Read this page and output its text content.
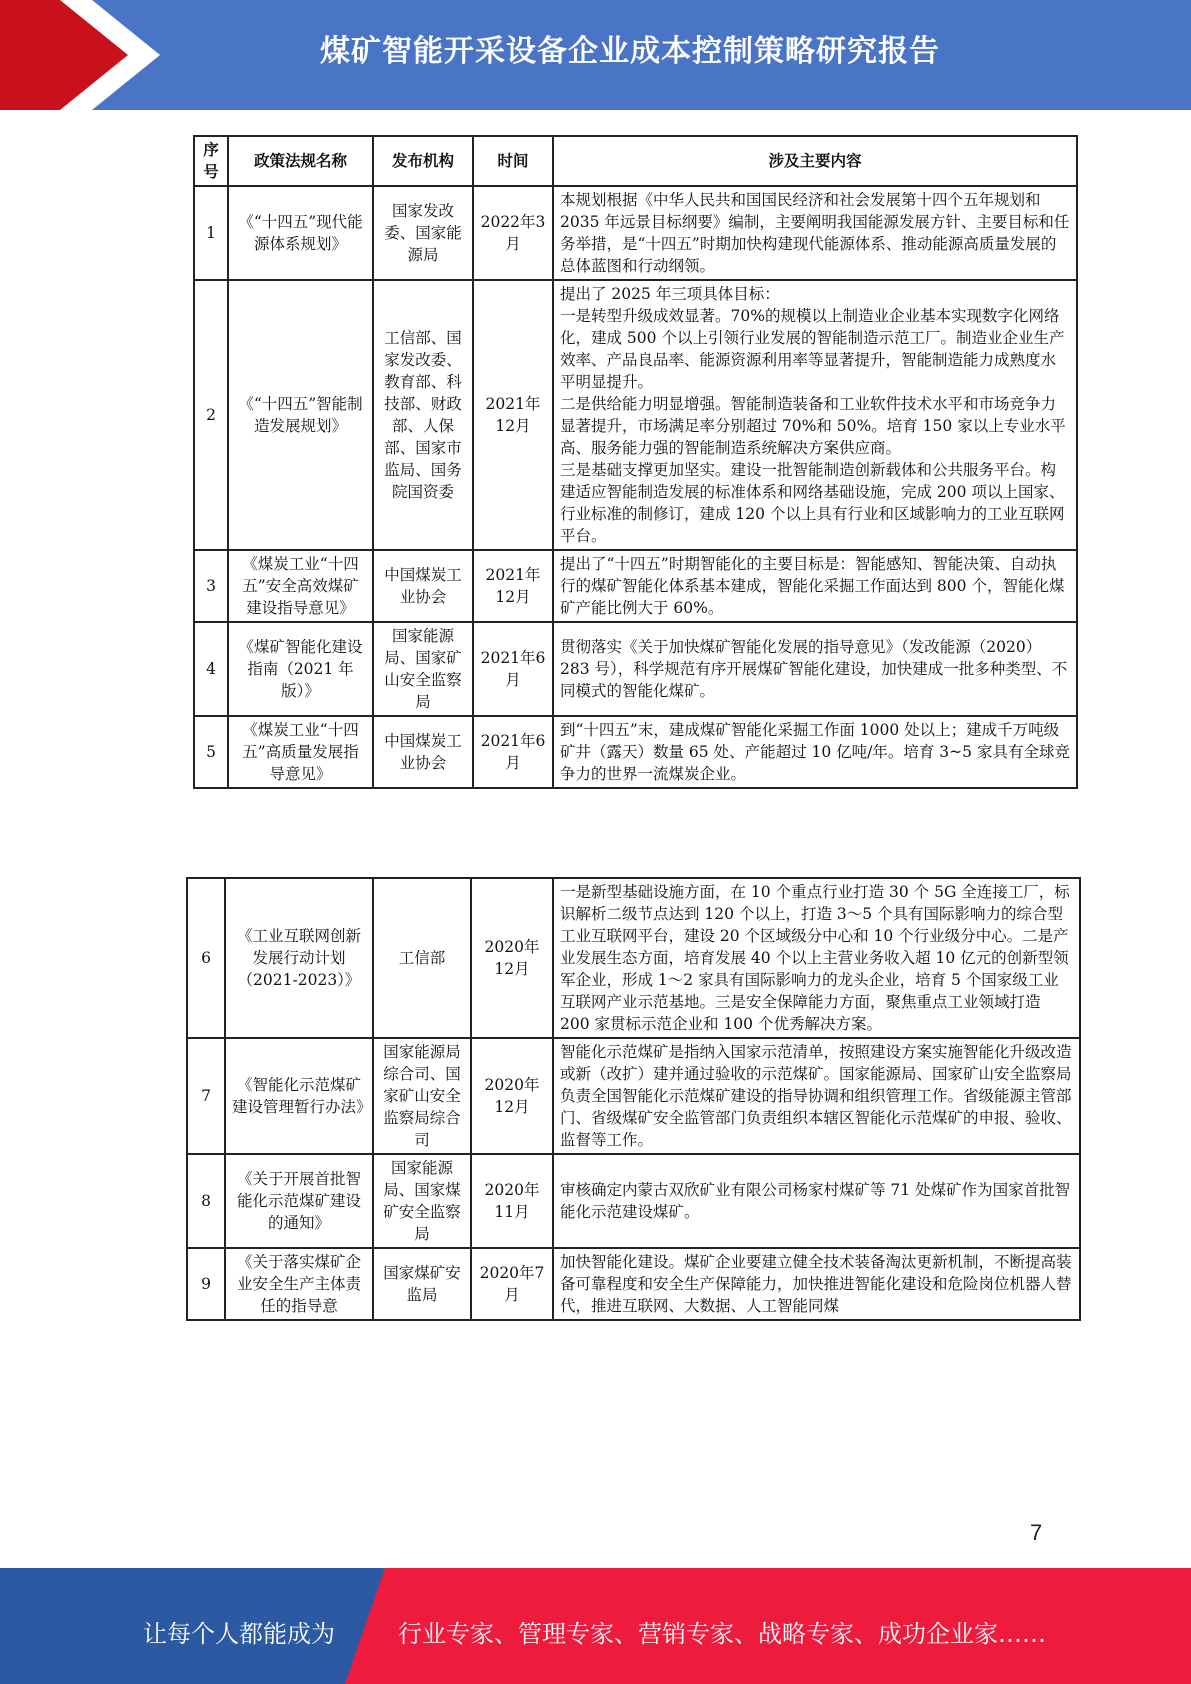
煤矿智能开采设备企业成本控制策略研究报告
序号	政策法规名称	发布机构	时间	涉及主要内容
1	《“十四五”现代能源体系规划》	国家发改委、国家能源局	2022年3月	本规划根据《中华人民共和国国民经济和社会发展第十四个五年规划和 2035 年远景目标纲要》编制，主要阐明我国能源发展方针、主要目标和任务举措，是“十四五”时期加快构建现代能源体系、推动能源高质量发展的总体蓝图和行动纲领。
2	《“十四五”智能制造发展规划》	工信部、国家发改委、教育部、科技部、财政部、人保部、国家市监局、国务院国资委	2021年12月	提出了 2025 年三项具体目标：
一是转型升级成效显著。70%的规模以上制造业企业基本实现数字化网络化，建成 500 个以上引领行业发展的智能制造示范工厂。制造业企业生产效率、产品良品率、能源资源利用率等显著提升，智能制造能力成熟度水平明显提升。
二是供给能力明显增强。智能制造装备和工业软件技术水平和市场竞争力显著提升，市场满足率分别超过 70%和 50%。培育 150 家以上专业水平高、服务能力强的智能制造系统解决方案供应商。
三是基础支撑更加坚实。建设一批智能制造创新载体和公共服务平台。构建适应智能制造发展的标准体系和网络基础设施，完成 200 项以上国家、行业标准的制修订，建成 120 个以上具有行业和区域影响力的工业互联网平台。

3	《煤炭工业“十四五”安全高效煤矿建设指导意见》	中国煤炭工业协会	2021年12月	提出了“十四五”时期智能化的主要目标是：智能感知、智能决策、自动执行的煤矿智能化体系基本建成，智能化采掘工作面达到 800 个，智能化煤矿产能比例大于 60%。
4	《煤矿智能化建设指南（2021 年版）》	国家能源局、国家矿山安全监察局	2021年6月	贯彻落实《关于加快煤矿智能化发展的指导意见》（发改能源（2020）283 号），科学规范有序开展煤矿智能化建设，加快建成一批多种类型、不同模式的智能化煤矿。
5	《煤炭工业“十四五”高质量发展指导意见》	中国煤炭工业协会	2021年6月	到“十四五”末，建成煤矿智能化采掘工作面 1000 处以上；建成千万吨级矿井（露天）数量 65 处、产能超过 10 亿吨/年。培育 3~5 家具有全球竞争力的世界一流煤炭企业。
6	《工业互联网创新发展行动计划（2021-2023）》	工信部	2020年12月	一是新型基础设施方面，在 10 个重点行业打造 30 个 5G 全连接工厂，标识解析二级节点达到 120 个以上，打造 3～5 个具有国际影响力的综合型工业互联网平台，建设 20 个区域级分中心和 10 个行业级分中心。二是产业发展生态方面，培育发展 40 个以上主营业务收入超 10 亿元的创新型领军企业，形成 1～2 家具有国际影响力的龙头企业，培育 5 个国家级工业互联网产业示范基地。三是安全保障能力方面，聚焦重点工业领域打造 200 家贯标示范企业和 100 个优秀解决方案。
7	《智能化示范煤矿建设管理暂行办法》	国家能源局综合司、国家矿山安全监察局综合司	2020年12月	智能化示范煤矿是指纳入国家示范清单，按照建设方案实施智能化升级改造或新（改扩）建并通过验收的示范煤矿。国家能源局、国家矿山安全监察局负责全国智能化示范煤矿建设的指导协调和组织管理工作。省级能源主管部门、省级煤矿安全监管部门负责组织本辖区智能化示范煤矿的申报、验收、监督等工作。
8	《关于开展首批智能化示范煤矿建设的通知》	国家能源局、国家煤矿安全监察局	2020年11月	审核确定内蒙古双欣矿业有限公司杨家村煤矿等 71 处煤矿作为国家首批智能化示范建设煤矿。
9	《关于落实煤矿企业安全生产主体责任的指导意	国家煤矿安监局	2020年7月	加快智能化建设。煤矿企业要建立健全技术装备淘汰更新机制，不断提高装备可靠程度和安全生产保障能力，加快推进智能化建设和危险岗位机器人替代，推进互联网、大数据、人工智能同煤
7
让每个人都能成为	行业专家、管理专家、营销专家、战略专家、成功企业家……
